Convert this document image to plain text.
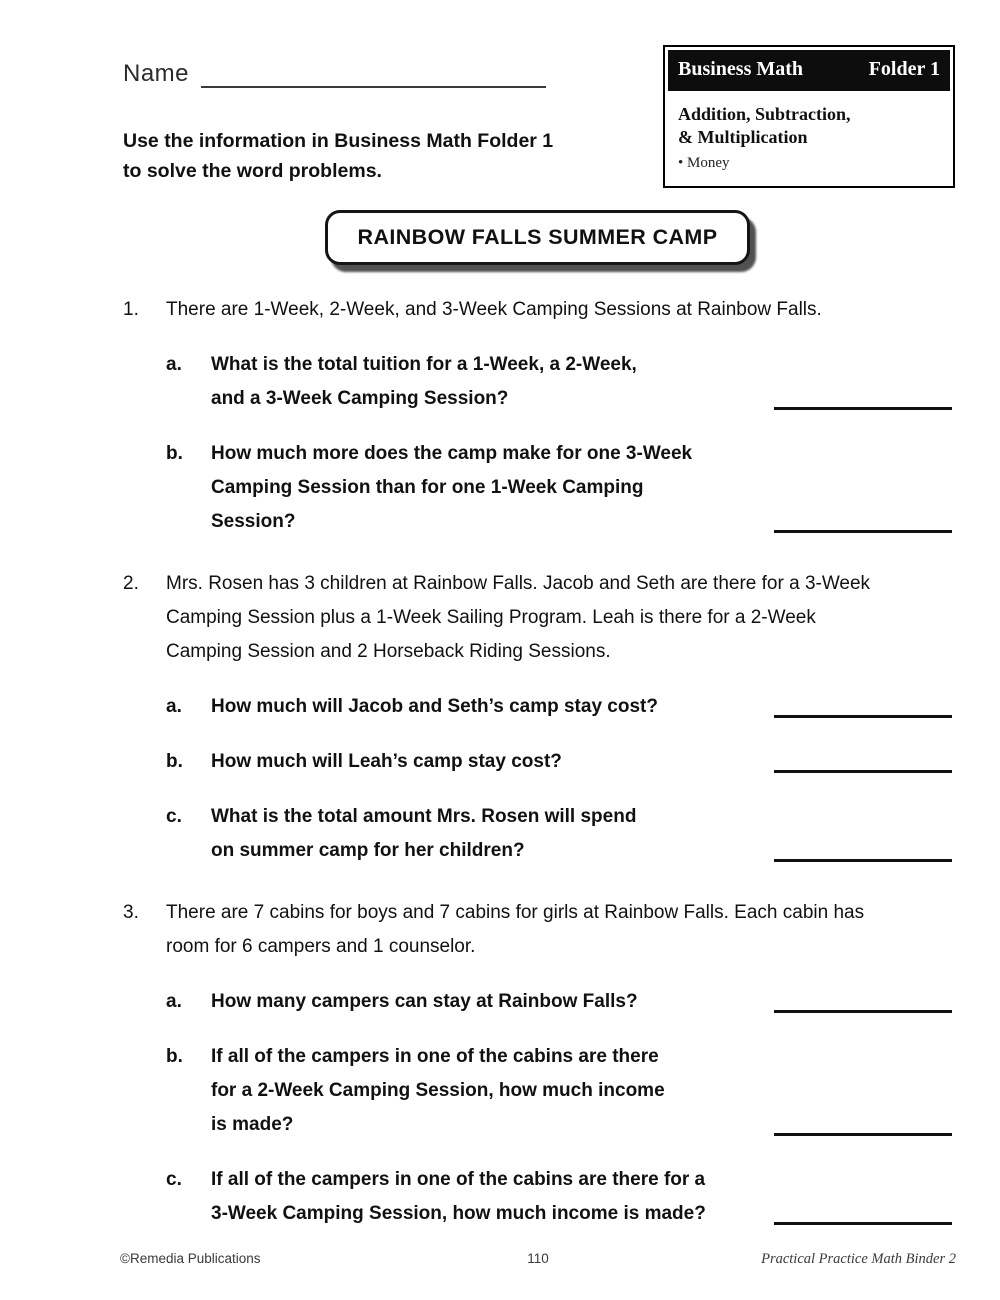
Business Math	Folder 1
Addition, Subtraction,
& Multiplication
• Money
Name
Use the information in Business Math Folder 1
to solve the word problems.
RAINBOW FALLS SUMMER CAMP
1.	There are 1-Week, 2-Week, and 3-Week Camping Sessions at Rainbow Falls.
a.	What is the total tuition for a 1-Week, a 2-Week,
and a 3-Week Camping Session?
b.	How much more does the camp make for one 3-Week
Camping Session than for one 1-Week Camping
Session?
2.	Mrs. Rosen has 3 children at Rainbow Falls. Jacob and Seth are there for a 3-Week
Camping Session plus a 1-Week Sailing Program. Leah is there for a 2-Week
Camping Session and 2 Horseback Riding Sessions.
a.	How much will Jacob and Seth’s camp stay cost?
b.	How much will Leah’s camp stay cost?
c.	What is the total amount Mrs. Rosen will spend
on summer camp for her children?
3.	There are 7 cabins for boys and 7 cabins for girls at Rainbow Falls. Each cabin has
room for 6 campers and 1 counselor.
a.	How many campers can stay at Rainbow Falls?
b.	If all of the campers in one of the cabins are there
for a 2-Week Camping Session, how much income
is made?
c.	If all of the campers in one of the cabins are there for a
3-Week Camping Session, how much income is made?
©Remedia Publications	110	Practical Practice Math Binder 2
